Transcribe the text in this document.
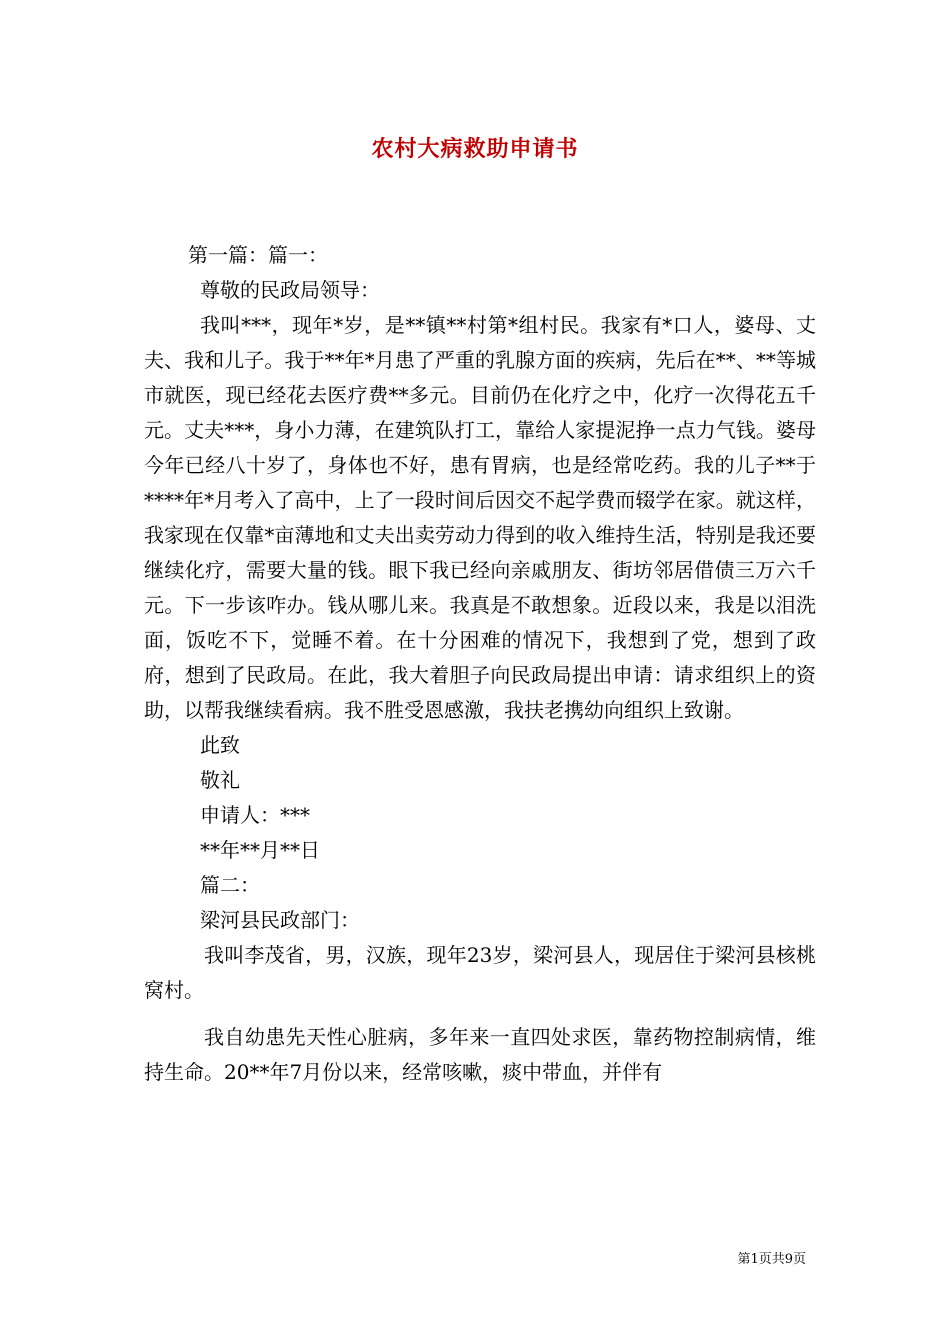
农村大病救助申请书
第一篇：篇一：
尊敬的民政局领导：

我叫***，现年*岁，是**镇**村第*组村民。我家有*口人，婆母、丈夫、我和儿子。我于**年*月患了严重的乳腺方面的疾病，先后在**、**等城市就医，现已经花去医疗费**多元。目前仍在化疗之中，化疗一次得花五千元。丈夫***，身小力薄，在建筑队打工，靠给人家提泥挣一点力气钱。婆母今年已经八十岁了，身体也不好，患有胃病，也是经常吃药。我的儿子**于****年*月考入了高中，上了一段时间后因交不起学费而辍学在家。就这样，我家现在仅靠*亩薄地和丈夫出卖劳动力得到的收入维持生活，特别是我还要继续化疗，需要大量的钱。眼下我已经向亲戚朋友、街坊邻居借债三万六千元。下一步该咋办。钱从哪儿来。我真是不敢想象。近段以来，我是以泪洗面，饭吃不下，觉睡不着。在十分困难的情况下，我想到了党，想到了政府，想到了民政局。在此，我大着胆子向民政局提出申请：请求组织上的资助，以帮我继续看病。我不胜受恩感激，我扶老携幼向组织上致谢。

此致
敬礼
申请人：***
**年**月**日
篇二：
梁河县民政部门：

我叫李茂省，男，汉族，现年23岁，梁河县人，现居住于梁河县核桃窝村。

我自幼患先天性心脏病，多年来一直四处求医，靠药物控制病情，维持生命。20**年7月份以来，经常咳嗽，痰中带血，并伴有

第1页共9页
